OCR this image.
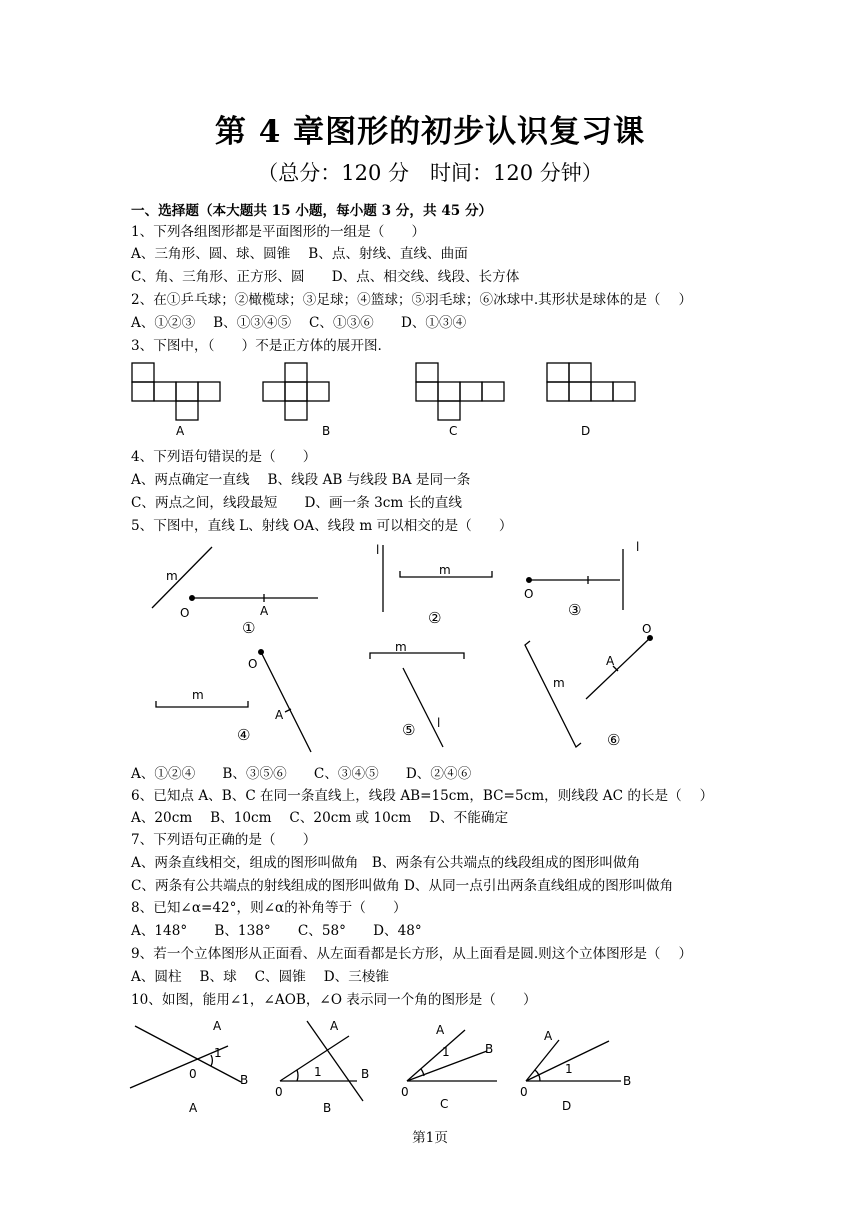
第 4 章图形的初步认识复习课
（总分：120 分　时间：120 分钟）
一、选择题（本大题共 15 小题，每小题 3 分，共 45 分）
1、下列各组图形都是平面图形的一组是（　　）
A、三角形、圆、球、圆锥　 B、点、射线、直线、曲面
C、角、三角形、正方形、圆　　D、点、相交线、线段、长方体
2、在①乒乓球；②橄榄球；③足球；④篮球；⑤羽毛球；⑥冰球中.其形状是球体的是（　 ）
A、①②③　 B、①③④⑤　 C、①③⑥　　D、①③④
3、下图中，（　　）不是正方体的展开图.
A	B	C	D
4、下列语句错误的是（　　）
A、两点确定一直线　 B、线段 AB 与线段 BA 是同一条
C、两点之间，线段最短　　D、画一条 3cm 长的直线
5、下图中，直线 L、射线 OA、线段 m 可以相交的是（　　）
m
O	A
①
l
m
②
l
O
③
m
O
A
④
m
l
⑤
m
O
A
⑥
A、①②④　　B、③⑤⑥　　C、③④⑤　　D、②④⑥
6、已知点 A、B、C 在同一条直线上，线段 AB=15cm，BC=5cm，则线段 AC 的长是（　 ）
A、20cm　 B、10cm　 C、20cm 或 10cm　 D、不能确定
7、下列语句正确的是（　　）
A、两条直线相交，组成的图形叫做角　B、两条有公共端点的线段组成的图形叫做角
C、两条有公共端点的射线组成的图形叫做角 D、从同一点引出两条直线组成的图形叫做角
8、已知∠α=42°，则∠α的补角等于（　　）
A、148°　　B、138°　　C、58°　　D、48°
9、若一个立体图形从正面看、从左面看都是长方形，从上面看是圆.则这个立体图形是（　 ）
A、圆柱　 B、球　 C、圆锥　 D、三棱锥
10、如图，能用∠1，∠AOB，∠O 表示同一个角的图形是（　　）
A
1
0	B
A
A
1
0
B
B
A
1	B
0
C
A
1
B
0
D
第1页
